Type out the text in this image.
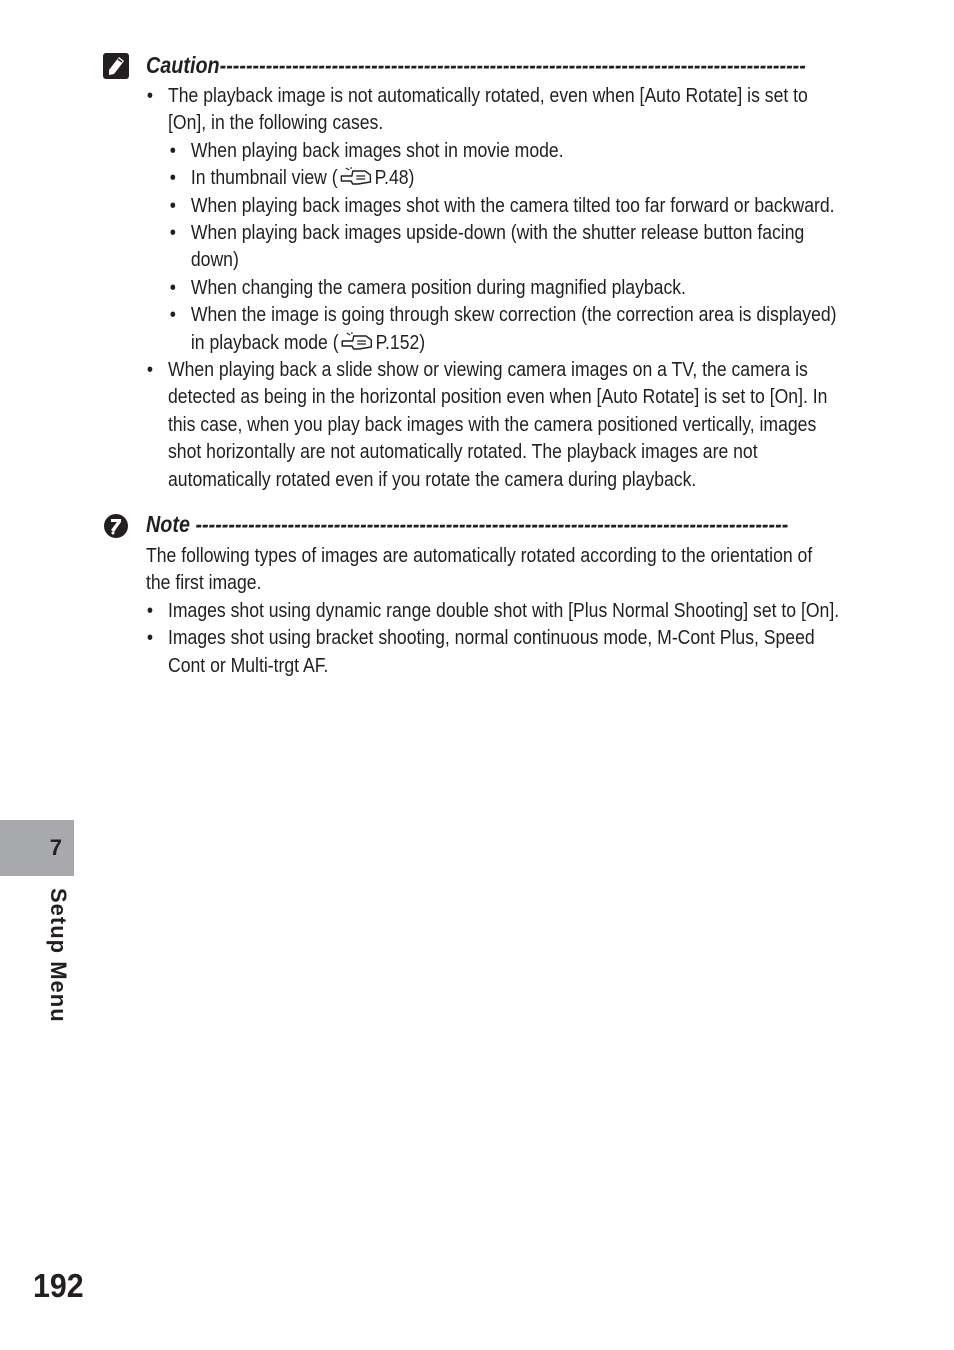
Caution-----------------------------------------------------------------------------------------
• The playback image is not automatically rotated, even when [Auto Rotate] is set to
[On], in the following cases.
• When playing back images shot in movie mode.
• In thumbnail view ( P.48)
• When playing back images shot with the camera tilted too far forward or backward.
• When playing back images upside-down (with the shutter release button facing
down)
• When changing the camera position during magnified playback.
• When the image is going through skew correction (the correction area is displayed)
in playback mode ( P.152)
• When playing back a slide show or viewing camera images on a TV, the camera is
detected as being in the horizontal position even when [Auto Rotate] is set to [On]. In
this case, when you play back images with the camera positioned vertically, images
shot horizontally are not automatically rotated. The playback images are not
automatically rotated even if you rotate the camera during playback.
Note ------------------------------------------------------------------------------------------
The following types of images are automatically rotated according to the orientation of
the first image.
• Images shot using dynamic range double shot with [Plus Normal Shooting] set to [On].
• Images shot using bracket shooting, normal continuous mode, M-Cont Plus, Speed
Cont or Multi-trgt AF.
7
Setup Menu
192
